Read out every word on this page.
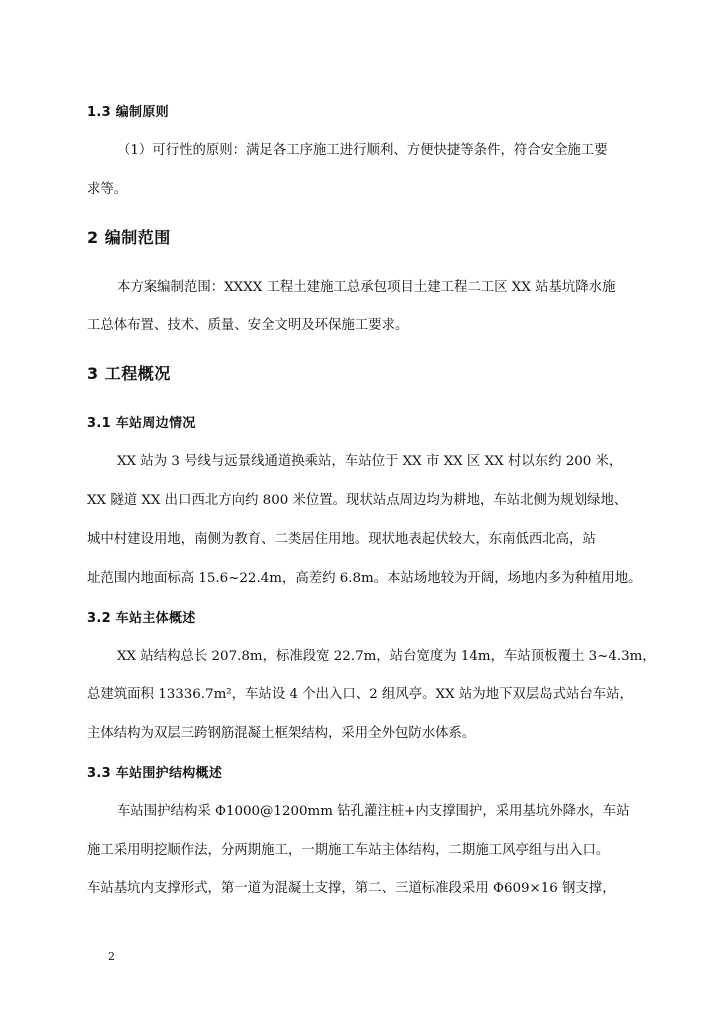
1.3 编制原则
（1）可行性的原则：满足各工序施工进行顺利、方便快捷等条件，符合安全施工要
求等。
2 编制范围
本方案编制范围：XXXX 工程土建施工总承包项目土建工程二工区 XX 站基坑降水施
工总体布置、技术、质量、安全文明及环保施工要求。
3 工程概况
3.1 车站周边情况
XX 站为 3 号线与远景线通道换乘站，车站位于 XX 市 XX 区 XX 村以东约 200 米，
XX 隧道 XX 出口西北方向约 800 米位置。现状站点周边均为耕地，车站北侧为规划绿地、
城中村建设用地，南侧为教育、二类居住用地。现状地表起伏较大，东南低西北高，站
址范围内地面标高 15.6~22.4m，高差约 6.8m。本站场地较为开阔，场地内多为种植用地。
3.2 车站主体概述
XX 站结构总长 207.8m，标准段宽 22.7m，站台宽度为 14m，车站顶板覆土 3~4.3m，
总建筑面积 13336.7m²，车站设 4 个出入口、2 组风亭。XX 站为地下双层岛式站台车站，
主体结构为双层三跨钢筋混凝土框架结构，采用全外包防水体系。
3.3 车站围护结构概述
车站围护结构采 Φ1000@1200mm 钻孔灌注桩+内支撑围护，采用基坑外降水，车站
施工采用明挖顺作法，分两期施工，一期施工车站主体结构，二期施工风亭组与出入口。
车站基坑内支撑形式，第一道为混凝土支撑，第二、三道标准段采用 Φ609×16 钢支撑，
2
